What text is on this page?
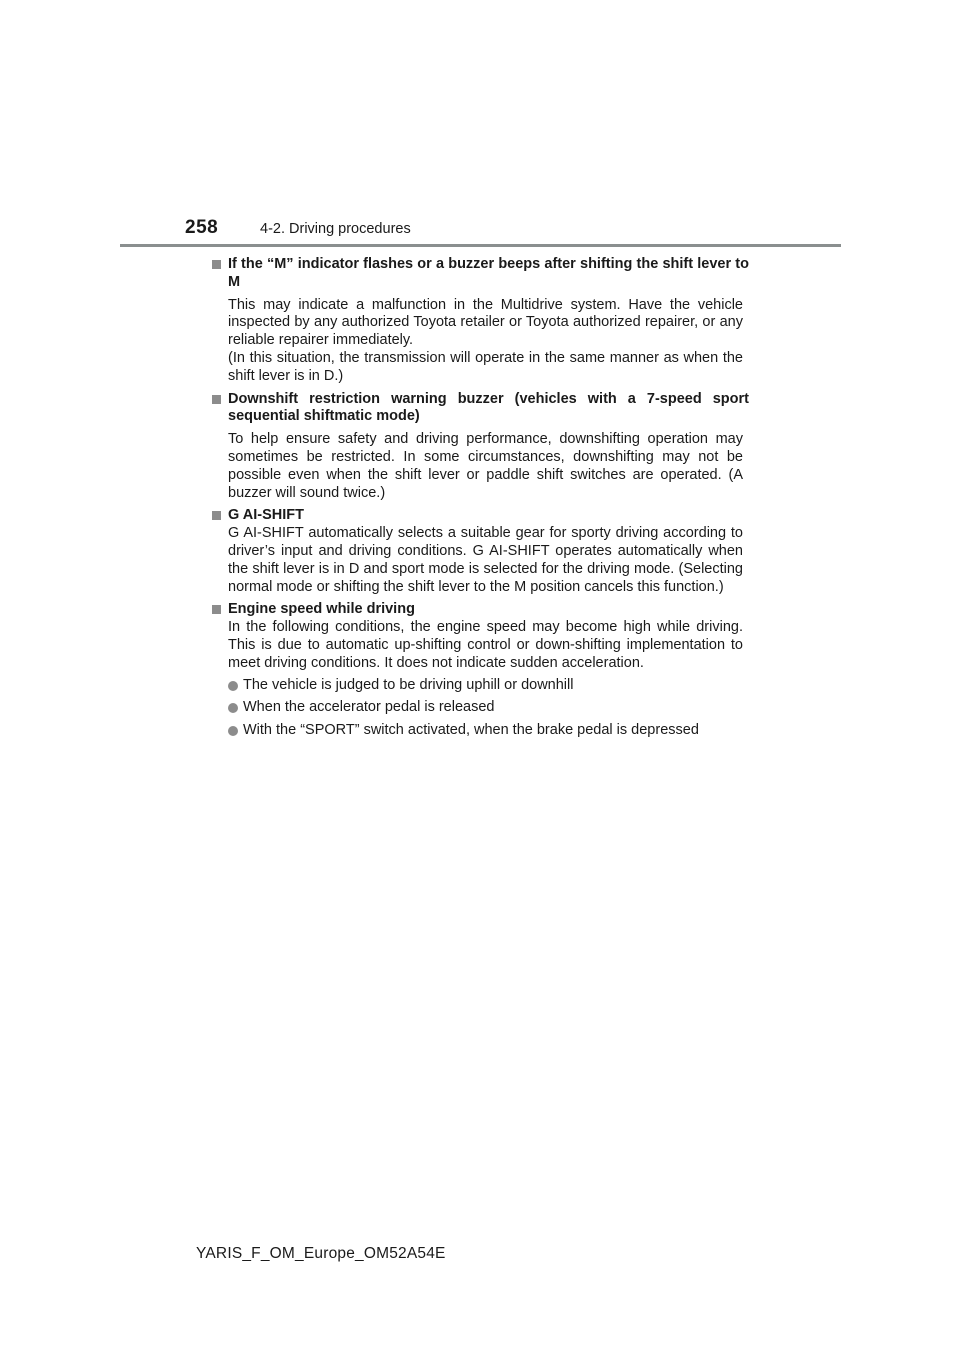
258	4-2. Driving procedures
If the “M” indicator flashes or a buzzer beeps after shifting the shift lever to M
This may indicate a malfunction in the Multidrive system. Have the vehicle inspected by any authorized Toyota retailer or Toyota authorized repairer, or any reliable repairer immediately.
(In this situation, the transmission will operate in the same manner as when the shift lever is in D.)
Downshift restriction warning buzzer (vehicles with a 7-speed sport sequential shiftmatic mode)
To help ensure safety and driving performance, downshifting operation may sometimes be restricted. In some circumstances, downshifting may not be possible even when the shift lever or paddle shift switches are operated. (A buzzer will sound twice.)
G AI-SHIFT
G AI-SHIFT automatically selects a suitable gear for sporty driving according to driver’s input and driving conditions. G AI-SHIFT operates automatically when the shift lever is in D and sport mode is selected for the driving mode. (Selecting normal mode or shifting the shift lever to the M position cancels this function.)
Engine speed while driving
In the following conditions, the engine speed may become high while driving. This is due to automatic up-shifting control or down-shifting implementation to meet driving conditions. It does not indicate sudden acceleration.
The vehicle is judged to be driving uphill or downhill
When the accelerator pedal is released
With the “SPORT” switch activated, when the brake pedal is depressed
YARIS_F_OM_Europe_OM52A54E
